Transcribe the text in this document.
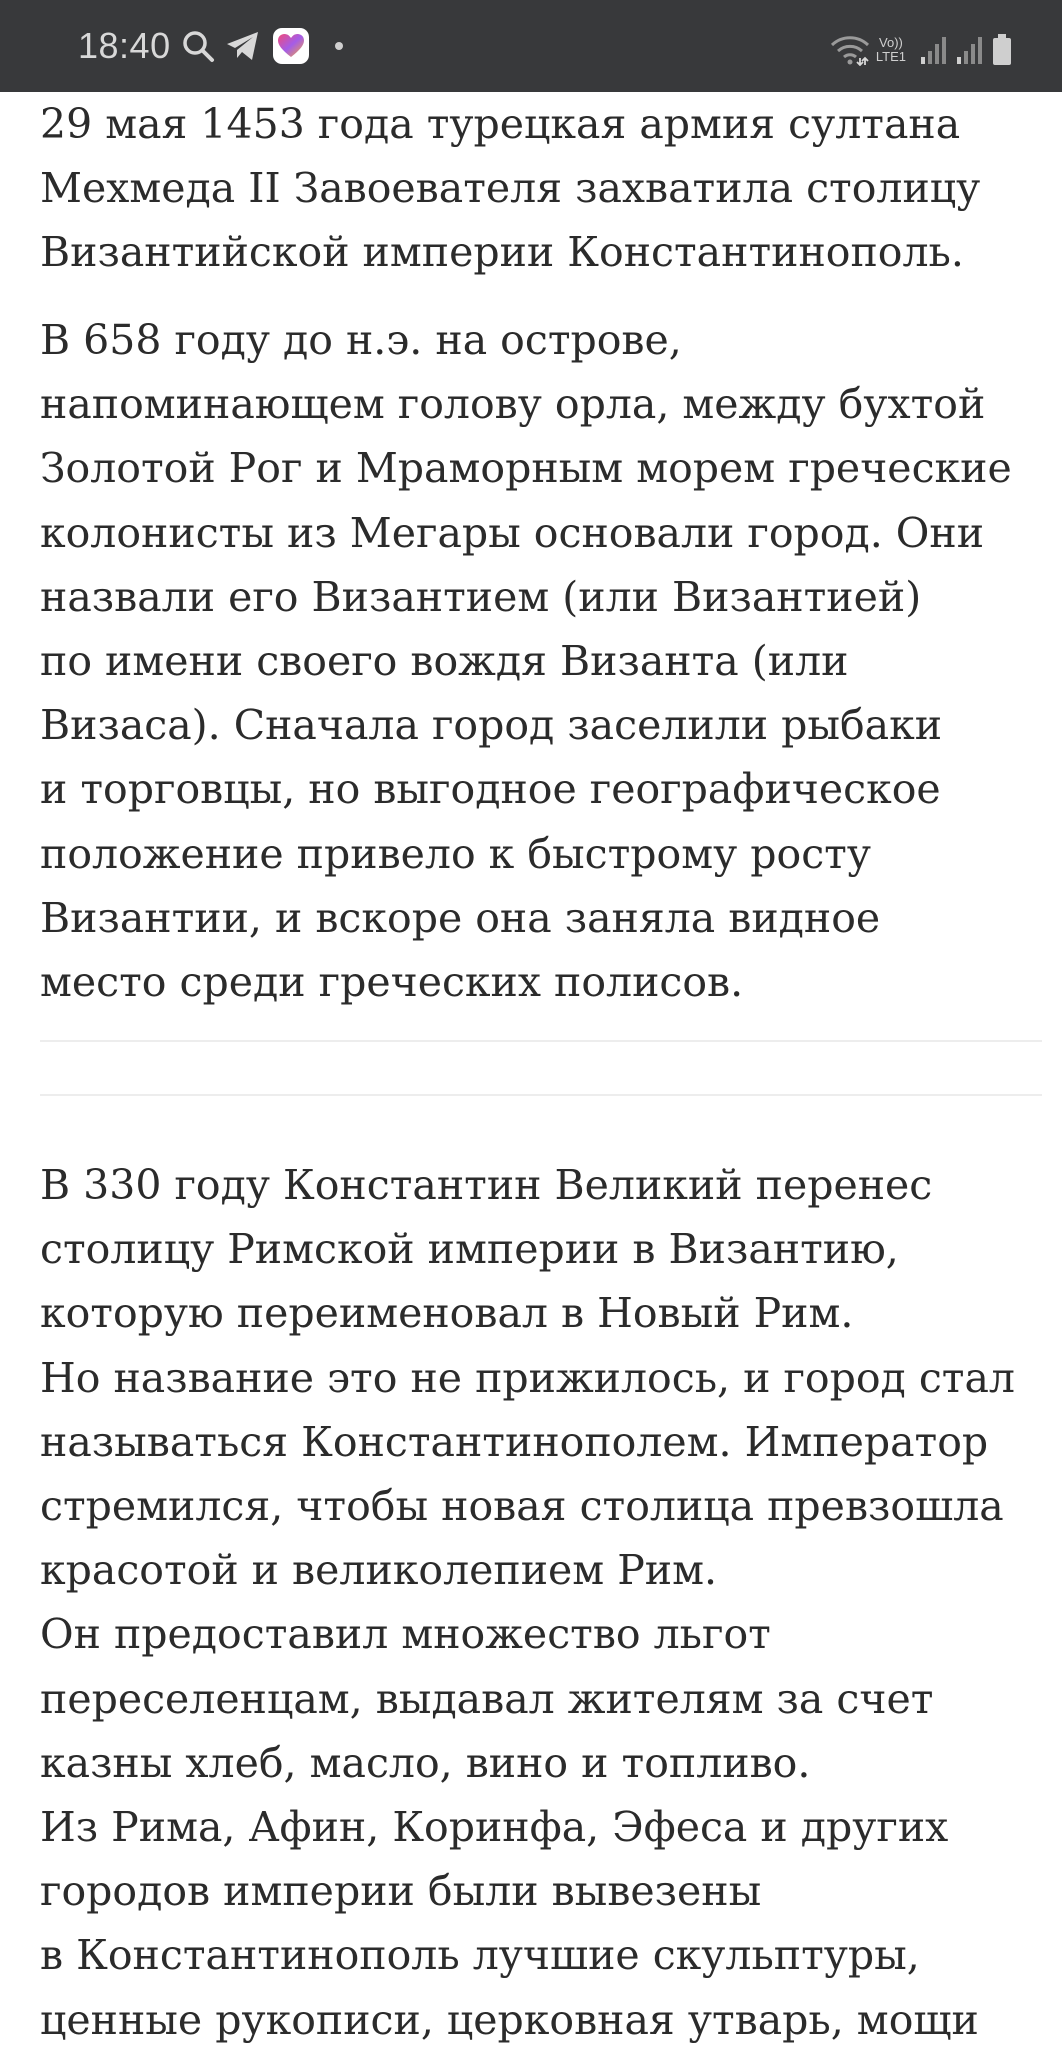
18:40	Vo))
LTE1
29 мая 1453 года турецкая армия султана
Мехмеда II Завоевателя захватила столицу
Византийской империи Константинополь.
В 658 году до н.э. на острове,
напоминающем голову орла, между бухтой
Золотой Рог и Мраморным морем греческие
колонисты из Мегары основали город. Они
назвали его Византием (или Византией)
по имени своего вождя Византа (или
Визаса). Сначала город заселили рыбаки
и торговцы, но выгодное географическое
положение привело к быстрому росту
Византии, и вскоре она заняла видное
место среди греческих полисов.
В 330 году Константин Великий перенес
столицу Римской империи в Византию,
которую переименовал в Новый Рим.
Но название это не прижилось, и город стал
называться Константинополем. Император
стремился, чтобы новая столица превзошла
красотой и великолепием Рим.
Он предоставил множество льгот
переселенцам, выдавал жителям за счет
казны хлеб, масло, вино и топливо.
Из Рима, Афин, Коринфа, Эфеса и других
городов империи были вывезены
в Константинополь лучшие скульптуры,
ценные рукописи, церковная утварь, мощи
